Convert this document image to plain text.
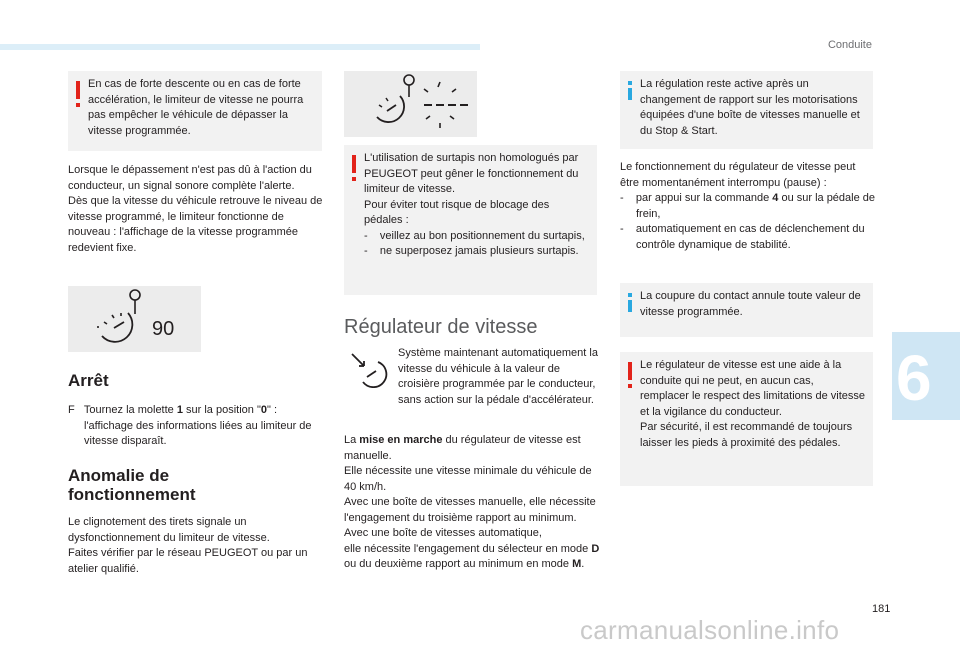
Conduite
6
En cas de forte descente ou en cas de forte accélération, le limiteur de vitesse ne pourra pas empêcher le véhicule de dépasser la vitesse programmée.

Lorsque le dépassement n'est pas dû à l'action du conducteur, un signal sonore complète l'alerte.

Dès que la vitesse du véhicule retrouve le niveau de vitesse programmé, le limiteur fonctionne de nouveau : l'affichage de la vitesse programmée redevient fixe.

90
Arrêt
F Tournez la molette 1 sur la position "0" : l'affichage des informations liées au limiteur de vitesse disparaît.
Anomalie de fonctionnement

Le clignotement des tirets signale un dysfonctionnement du limiteur de vitesse.

Faites vérifier par le réseau PEUGEOT ou par un atelier qualifié.

L'utilisation de surtapis non homologués par PEUGEOT peut gêner le fonctionnement du limiteur de vitesse.

Pour éviter tout risque de blocage des pédales :

- veillez au bon positionnement du surtapis,
- ne superposez jamais plusieurs surtapis.
Régulateur de vitesse
Système maintenant automatiquement la vitesse du véhicule à la valeur de croisière programmée par le conducteur, sans action sur la pédale d'accélérateur.

La mise en marche du régulateur de vitesse est manuelle.

Elle nécessite une vitesse minimale du véhicule de 40 km/h.

Avec une boîte de vitesses manuelle, elle nécessite l'engagement du troisième rapport au minimum.

Avec une boîte de vitesses automatique,

elle nécessite l'engagement du sélecteur en mode D ou du deuxième rapport au minimum en mode M.

La régulation reste active après un changement de rapport sur les motorisations équipées d'une boîte de vitesses manuelle et du Stop & Start.

Le fonctionnement du régulateur de vitesse peut être momentanément interrompu (pause) :

- par appui sur la commande 4 ou sur la pédale de frein,
- automatiquement en cas de déclenchement du contrôle dynamique de stabilité.
La coupure du contact annule toute valeur de vitesse programmée.

Le régulateur de vitesse est une aide à la conduite qui ne peut, en aucun cas, remplacer le respect des limitations de vitesse et la vigilance du conducteur.

Par sécurité, il est recommandé de toujours laisser les pieds à proximité des pédales.

181
carmanualsonline.info
